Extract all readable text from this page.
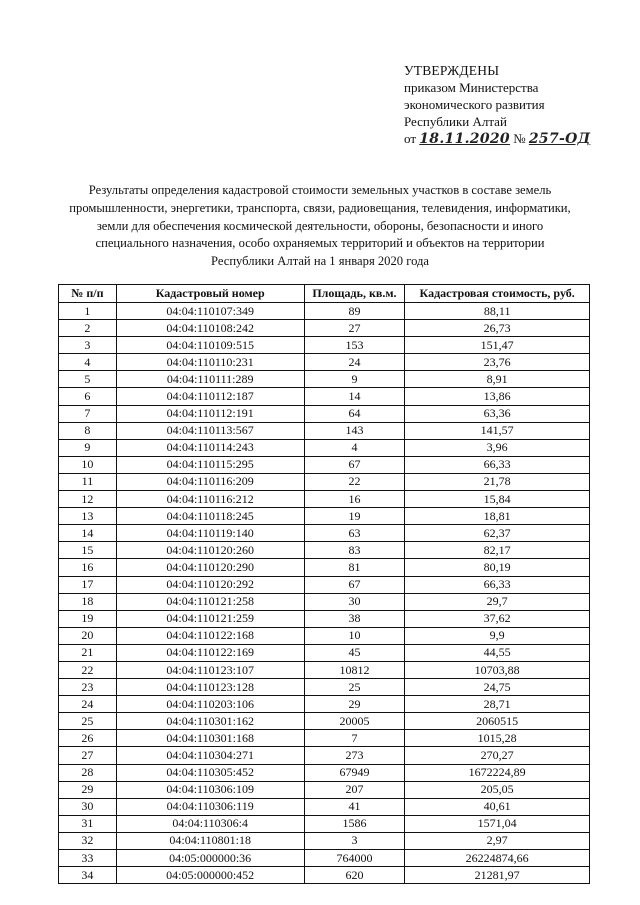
УТВЕРЖДЕНЫ
приказом Министерства
экономического развития
Республики Алтай
от 18.11.2020 № 257-ОД
Результаты определения кадастровой стоимости земельных участков в составе земель
промышленности, энергетики, транспорта, связи, радиовещания, телевидения, информатики,
земли для обеспечения космической деятельности, обороны, безопасности и иного
специального назначения, особо охраняемых территорий и объектов на территории
Республики Алтай на 1 января 2020 года
№ п/п	Кадастровый номер	Площадь, кв.м.	Кадастровая стоимость, руб.
1	04:04:110107:349	89	88,11
2	04:04:110108:242	27	26,73
3	04:04:110109:515	153	151,47
4	04:04:110110:231	24	23,76
5	04:04:110111:289	9	8,91
6	04:04:110112:187	14	13,86
7	04:04:110112:191	64	63,36
8	04:04:110113:567	143	141,57
9	04:04:110114:243	4	3,96
10	04:04:110115:295	67	66,33
11	04:04:110116:209	22	21,78
12	04:04:110116:212	16	15,84
13	04:04:110118:245	19	18,81
14	04:04:110119:140	63	62,37
15	04:04:110120:260	83	82,17
16	04:04:110120:290	81	80,19
17	04:04:110120:292	67	66,33
18	04:04:110121:258	30	29,7
19	04:04:110121:259	38	37,62
20	04:04:110122:168	10	9,9
21	04:04:110122:169	45	44,55
22	04:04:110123:107	10812	10703,88
23	04:04:110123:128	25	24,75
24	04:04:110203:106	29	28,71
25	04:04:110301:162	20005	2060515
26	04:04:110301:168	7	1015,28
27	04:04:110304:271	273	270,27
28	04:04:110305:452	67949	1672224,89
29	04:04:110306:109	207	205,05
30	04:04:110306:119	41	40,61
31	04:04:110306:4	1586	1571,04
32	04:04:110801:18	3	2,97
33	04:05:000000:36	764000	26224874,66
34	04:05:000000:452	620	21281,97
